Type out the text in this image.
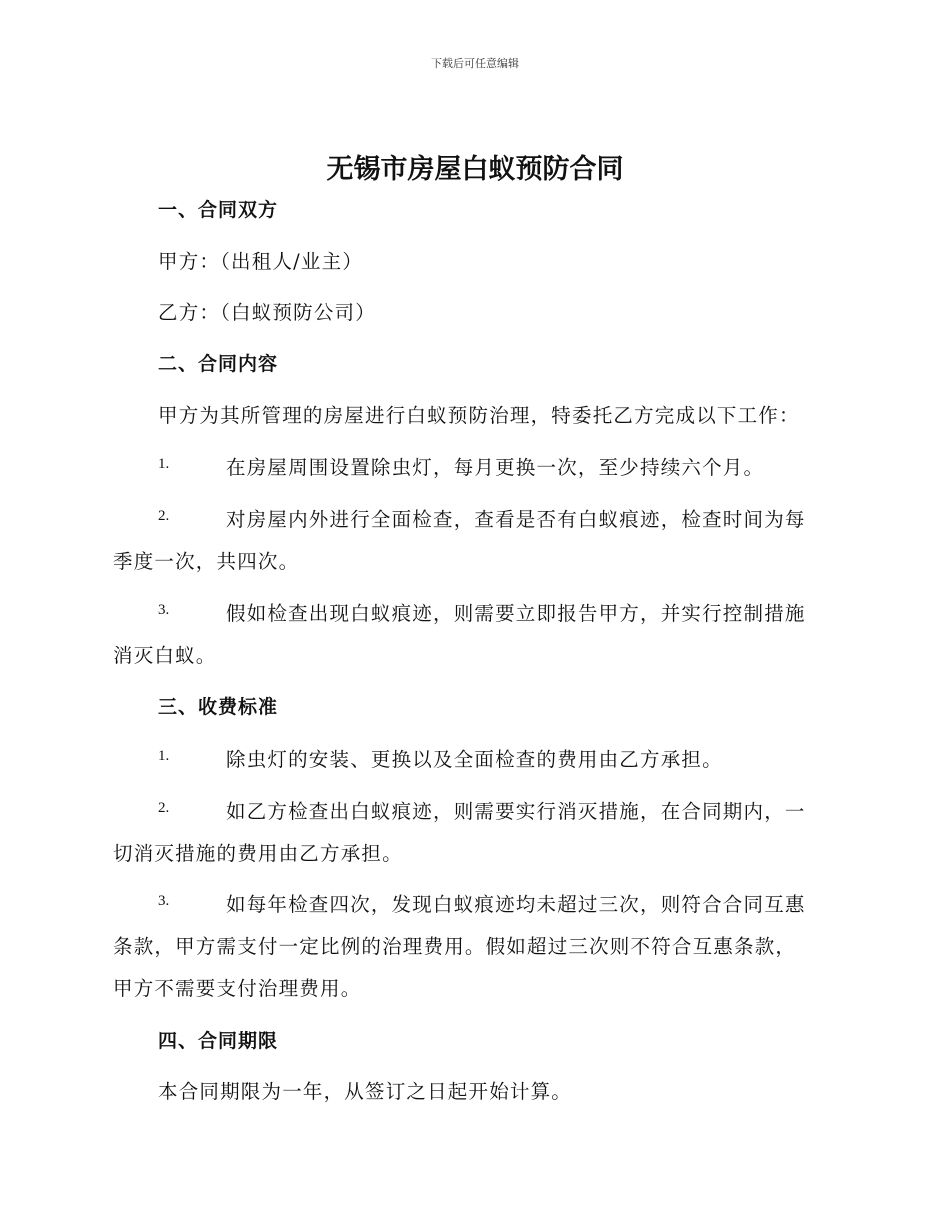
下载后可任意编辑
无锡市房屋白蚁预防合同
一、合同双方
甲方：（出租人/业主）
乙方：（白蚁预防公司）
二、合同内容
甲方为其所管理的房屋进行白蚁预防治理，特委托乙方完成以下工作：
1.	在房屋周围设置除虫灯，每月更换一次，至少持续六个月。
2.	对房屋内外进行全面检查，查看是否有白蚁痕迹，检查时间为每
季度一次，共四次。
3.	假如检查出现白蚁痕迹，则需要立即报告甲方，并实行控制措施
消灭白蚁。
三、收费标准
1.	除虫灯的安装、更换以及全面检查的费用由乙方承担。
2.	如乙方检查出白蚁痕迹，则需要实行消灭措施，在合同期内，一
切消灭措施的费用由乙方承担。
3.	如每年检查四次，发现白蚁痕迹均未超过三次，则符合合同互惠
条款，甲方需支付一定比例的治理费用。假如超过三次则不符合互惠条款，
甲方不需要支付治理费用。
四、合同期限
本合同期限为一年，从签订之日起开始计算。
